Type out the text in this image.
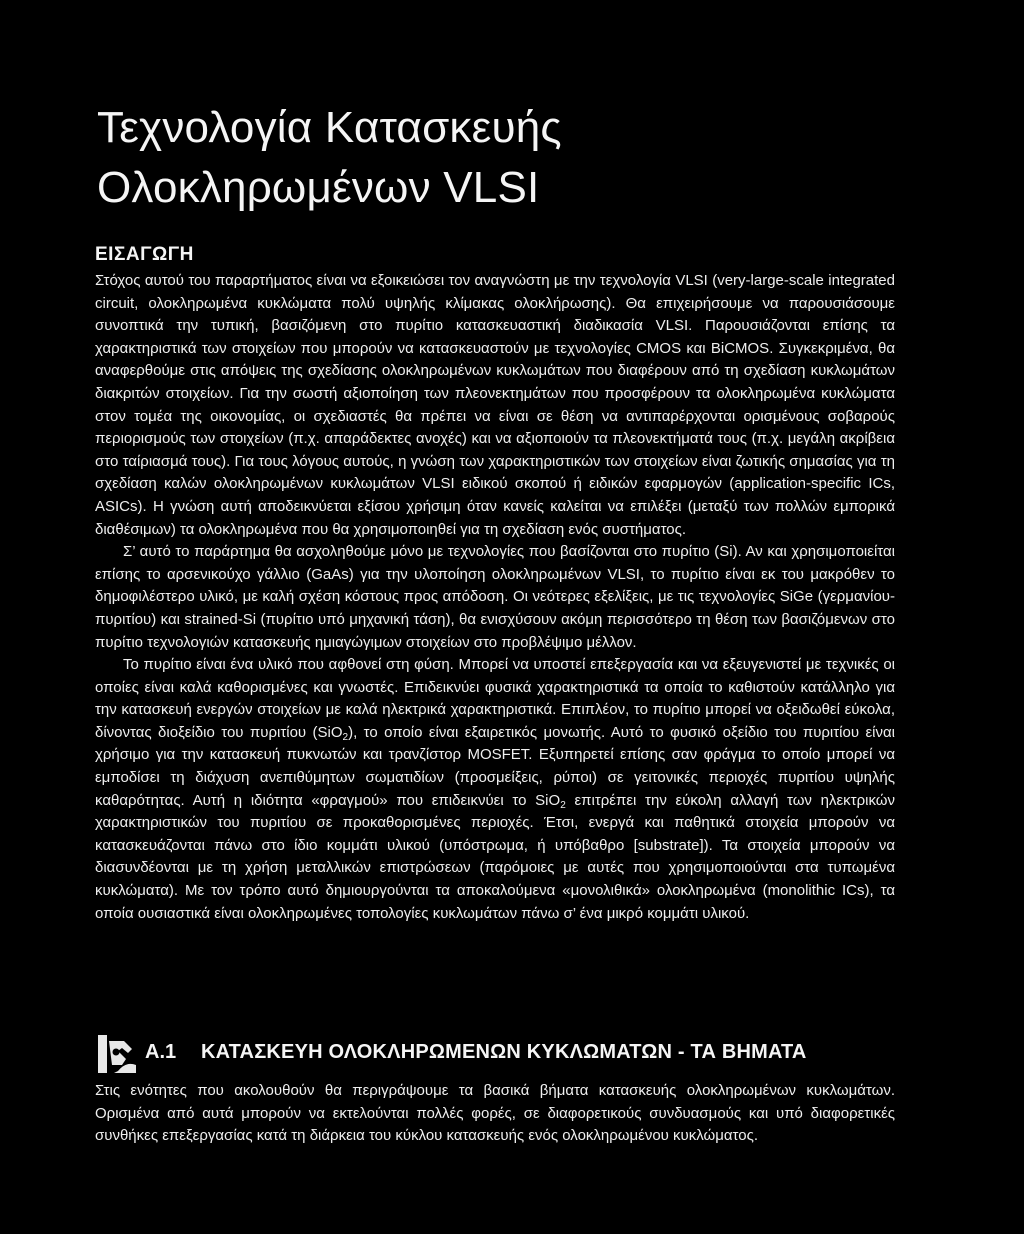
Τεχνολογία Κατασκευής
Ολοκληρωμένων VLSI
ΕΙΣΑΓΩΓΗ

Στόχος αυτού του παραρτήματος είναι να εξοικειώσει τον αναγνώστη με την τεχνολογία VLSI (very-large-scale integrated circuit, ολοκληρωμένα κυκλώματα πολύ υψηλής κλίμακας ολοκλήρωσης). Θα επιχειρήσουμε να παρουσιάσουμε συνοπτικά την τυπική, βασιζόμενη στο πυρίτιο κατασκευαστική διαδικασία VLSI. Παρουσιάζονται επίσης τα χαρακτηριστικά των στοιχείων που μπορούν να κατασκευαστούν με τεχνολογίες CMOS και BiCMOS. Συγκεκριμένα, θα αναφερθούμε στις απόψεις της σχεδίασης ολοκληρωμένων κυκλωμάτων που διαφέρουν από τη σχεδίαση κυκλωμάτων διακριτών στοιχείων. Για την σωστή αξιοποίηση των πλεονεκτημάτων που προσφέρουν τα ολοκληρωμένα κυκλώματα στον τομέα της οικονομίας, οι σχεδιαστές θα πρέπει να είναι σε θέση να αντιπαρέρχονται ορισμένους σοβαρούς περιορισμούς των στοιχείων (π.χ. απαράδεκτες ανοχές) και να αξιοποιούν τα πλεονεκτήματά τους (π.χ. μεγάλη ακρίβεια στο ταίριασμά τους). Για τους λόγους αυτούς, η γνώση των χαρακτηριστικών των στοιχείων είναι ζωτικής σημασίας για τη σχεδίαση καλών ολοκληρωμένων κυκλωμάτων VLSI ειδικού σκοπού ή ειδικών εφαρμογών (application-specific ICs, ASICs). Η γνώση αυτή αποδεικνύεται εξίσου χρήσιμη όταν κανείς καλείται να επιλέξει (μεταξύ των πολλών εμπορικά διαθέσιμων) τα ολοκληρωμένα που θα χρησιμοποιηθεί για τη σχεδίαση ενός συστήματος.

Σ’ αυτό το παράρτημα θα ασχοληθούμε μόνο με τεχνολογίες που βασίζονται στο πυρίτιο (Si). Αν και χρησιμοποιείται επίσης το αρσενικούχο γάλλιο (GaAs) για την υλοποίηση ολοκληρωμένων VLSI, το πυρίτιο είναι εκ του μακρόθεν το δημοφιλέστερο υλικό, με καλή σχέση κόστους προς απόδοση. Οι νεότερες εξελίξεις, με τις τεχνολογίες SiGe (γερμανίου-πυριτίου) και strained-Si (πυρίτιο υπό μηχανική τάση), θα ενισχύσουν ακόμη περισσότερο τη θέση των βασιζόμενων στο πυρίτιο τεχνολογιών κατασκευής ημιαγώγιμων στοιχείων στο προβλέψιμο μέλλον.

Το πυρίτιο είναι ένα υλικό που αφθονεί στη φύση. Μπορεί να υποστεί επεξεργασία και να εξευγενιστεί με τεχνικές οι οποίες είναι καλά καθορισμένες και γνωστές. Επιδεικνύει φυσικά χαρακτηριστικά τα οποία το καθιστούν κατάλληλο για την κατασκευή ενεργών στοιχείων με καλά ηλεκτρικά χαρακτηριστικά. Επιπλέον, το πυρίτιο μπορεί να οξειδωθεί εύκολα, δίνοντας διοξείδιο του πυριτίου (SiO$_2$), το οποίο είναι εξαιρετικός μονωτής. Αυτό το φυσικό οξείδιο του πυριτίου είναι χρήσιμο για την κατασκευή πυκνωτών και τρανζίστορ MOSFET. Εξυπηρετεί επίσης σαν φράγμα το οποίο μπορεί να εμποδίσει τη διάχυση ανεπιθύμητων σωματιδίων (προσμείξεις, ρύποι) σε γειτονικές περιοχές πυριτίου υψηλής καθαρότητας. Αυτή η ιδιότητα «φραγμού» που επιδεικνύει το SiO$_2$ επιτρέπει την εύκολη αλλαγή των ηλεκτρικών χαρακτηριστικών του πυριτίου σε προκαθορισμένες περιοχές. Έτσι, ενεργά και παθητικά στοιχεία μπορούν να κατασκευάζονται πάνω στο ίδιο κομμάτι υλικού (υπόστρωμα, ή υπόβαθρο [substrate]). Τα στοιχεία μπορούν να διασυνδέονται με τη χρήση μεταλλικών επιστρώσεων (παρόμοιες με αυτές που χρησιμοποιούνται στα τυπωμένα κυκλώματα). Με τον τρόπο αυτό δημιουργούνται τα αποκαλούμενα «μονολιθικά» ολοκληρωμένα (monolithic ICs), τα οποία ουσιαστικά είναι ολοκληρωμένες τοπολογίες κυκλωμάτων πάνω σ’ ένα μικρό κομμάτι υλικού.

A.1 ΚΑΤΑΣΚΕΥΗ ΟΛΟΚΛΗΡΩΜΕΝΩΝ ΚΥΚΛΩΜΑΤΩΝ - ΤΑ ΒΗΜΑΤΑ

Στις ενότητες που ακολουθούν θα περιγράψουμε τα βασικά βήματα κατασκευής ολοκληρωμένων κυκλωμάτων. Ορισμένα από αυτά μπορούν να εκτελούνται πολλές φορές, σε διαφορετικούς συνδυασμούς και υπό διαφορετικές συνθήκες επεξεργασίας κατά τη διάρκεια του κύκλου κατασκευής ενός ολοκληρωμένου κυκλώματος.
